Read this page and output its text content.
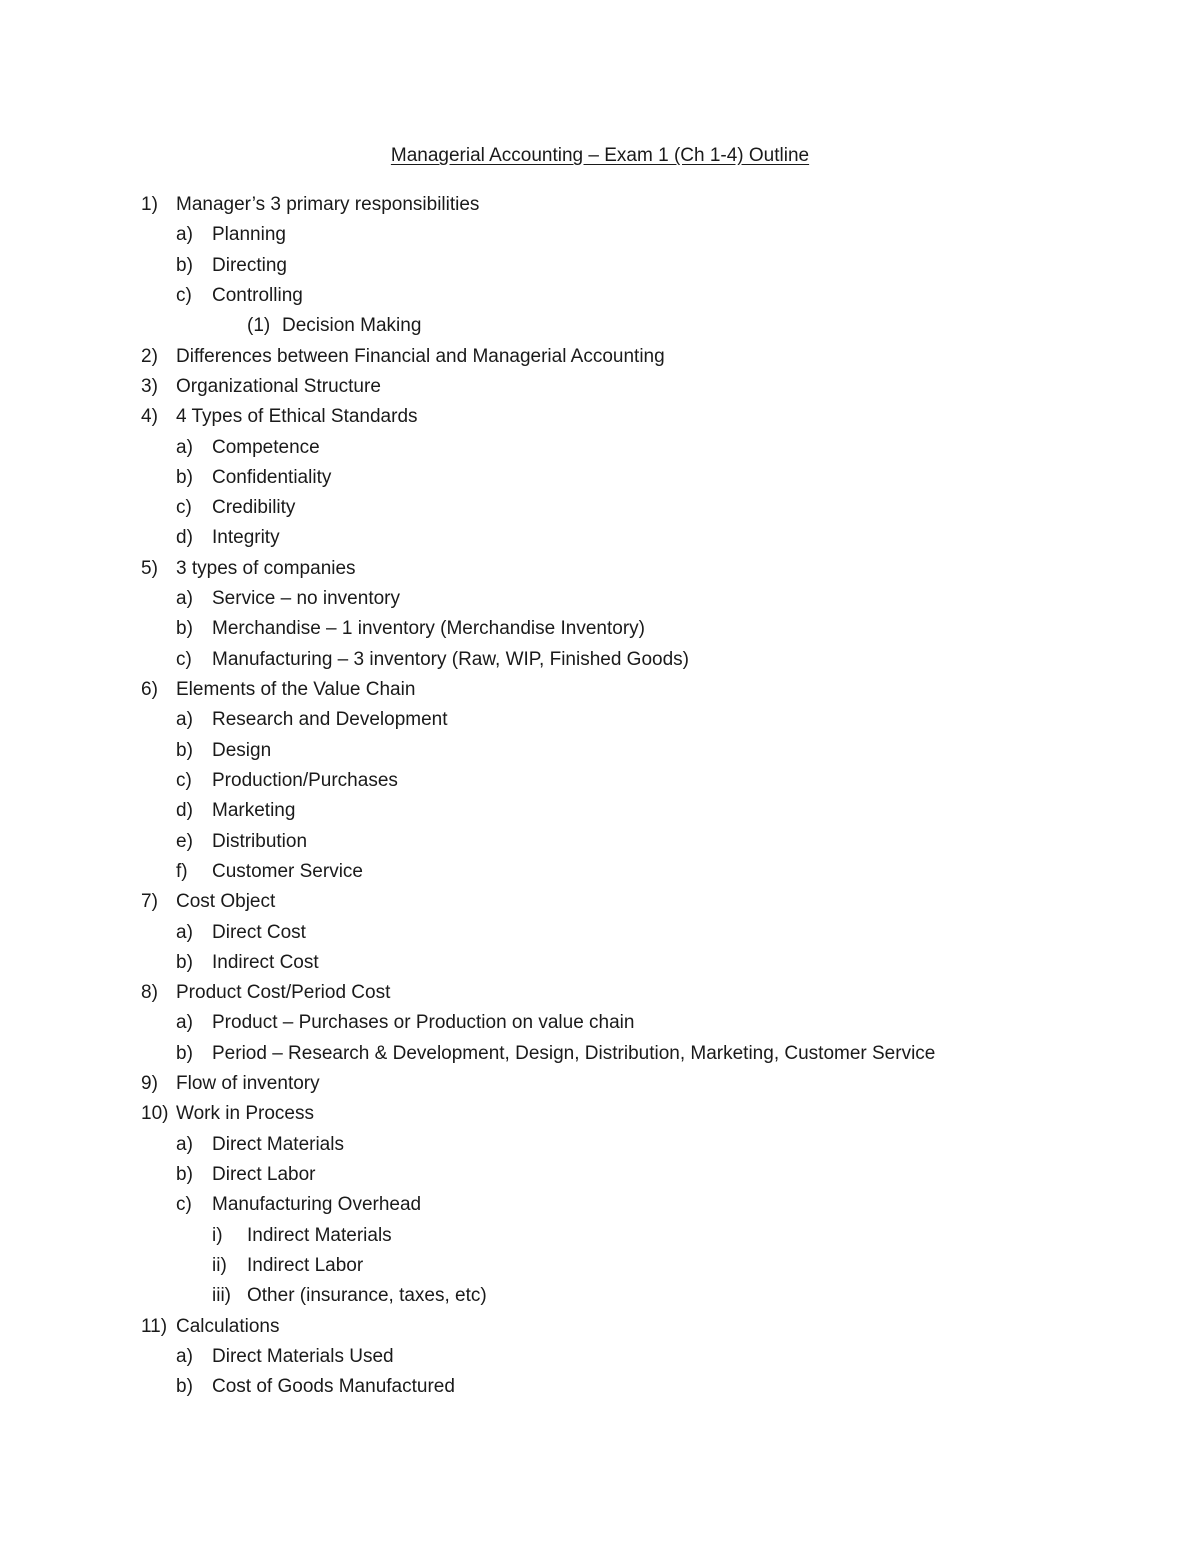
Managerial Accounting – Exam 1 (Ch 1-4) Outline
1) Manager’s 3 primary responsibilities
a) Planning
b) Directing
c) Controlling
(1) Decision Making
2) Differences between Financial and Managerial Accounting
3) Organizational Structure
4) 4 Types of Ethical Standards
a) Competence
b) Confidentiality
c) Credibility
d) Integrity
5) 3 types of companies
a) Service – no inventory
b) Merchandise – 1 inventory (Merchandise Inventory)
c) Manufacturing – 3 inventory (Raw, WIP, Finished Goods)
6) Elements of the Value Chain
a) Research and Development
b) Design
c) Production/Purchases
d) Marketing
e) Distribution
f) Customer Service
7) Cost Object
a) Direct Cost
b) Indirect Cost
8) Product Cost/Period Cost
a) Product – Purchases or Production on value chain
b) Period – Research & Development, Design, Distribution, Marketing, Customer Service
9) Flow of inventory
10) Work in Process
a) Direct Materials
b) Direct Labor
c) Manufacturing Overhead
i) Indirect Materials
ii) Indirect Labor
iii) Other (insurance, taxes, etc)
11) Calculations
a) Direct Materials Used
b) Cost of Goods Manufactured
